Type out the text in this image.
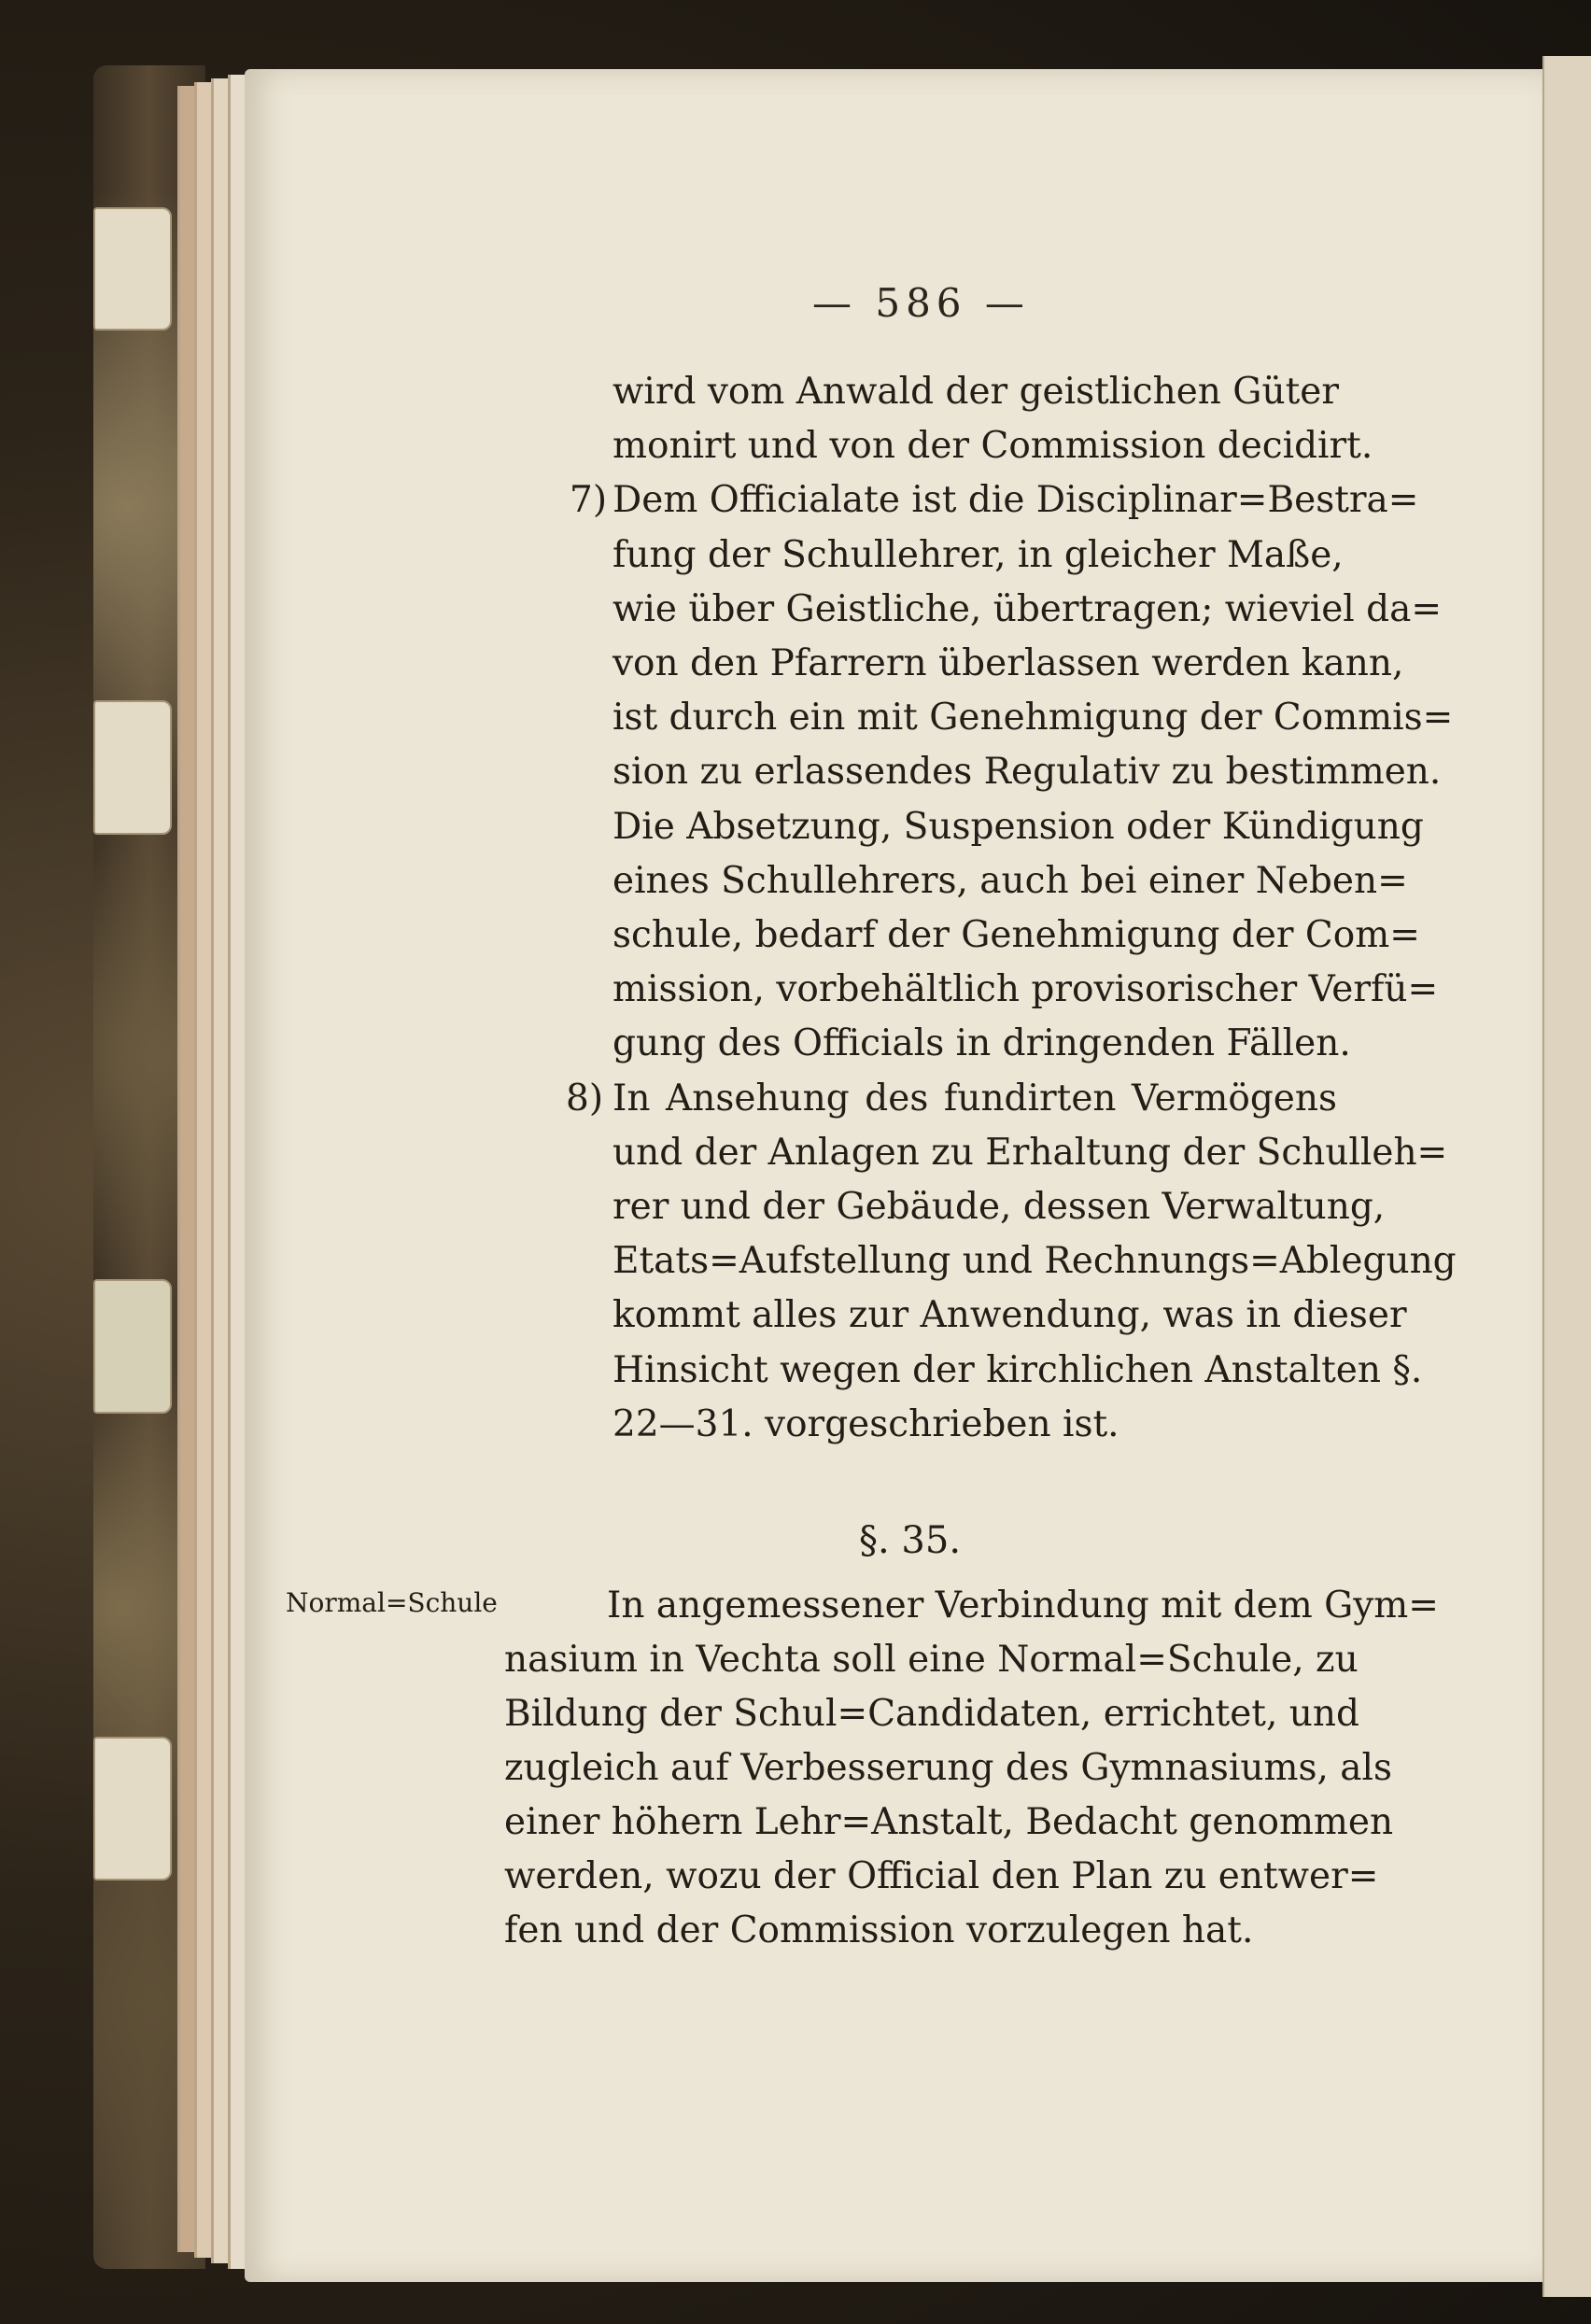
— 586 —
wird vom Anwald der geistlichen Güter
monirt und von der Commission decidirt.
7) Dem Officialate ist die Disciplinar=Bestra=
fung der Schullehrer, in gleicher Maße,
wie über Geistliche, übertragen; wieviel da=
von den Pfarrern überlassen werden kann,
ist durch ein mit Genehmigung der Commis=
sion zu erlassendes Regulativ zu bestimmen.
Die Absetzung, Suspension oder Kündigung
eines Schullehrers, auch bei einer Neben=
schule, bedarf der Genehmigung der Com=
mission, vorbehältlich provisorischer Verfü=
gung des Officials in dringenden Fällen.
8) In Ansehung des fundirten Vermögens
und der Anlagen zu Erhaltung der Schulleh=
rer und der Gebäude, dessen Verwaltung,
Etats=Aufstellung und Rechnungs=Ablegung
kommt alles zur Anwendung, was in dieser
Hinsicht wegen der kirchlichen Anstalten §.
22—31. vorgeschrieben ist.
In angemessener Verbindung mit dem Gym=
nasium in Vechta soll eine Normal=Schule, zu
Bildung der Schul=Candidaten, errichtet, und
zugleich auf Verbesserung des Gymnasiums, als
einer höhern Lehr=Anstalt, Bedacht genommen
werden, wozu der Official den Plan zu entwer=
fen und der Commission vorzulegen hat.
§. 35.
Normal=Schule
